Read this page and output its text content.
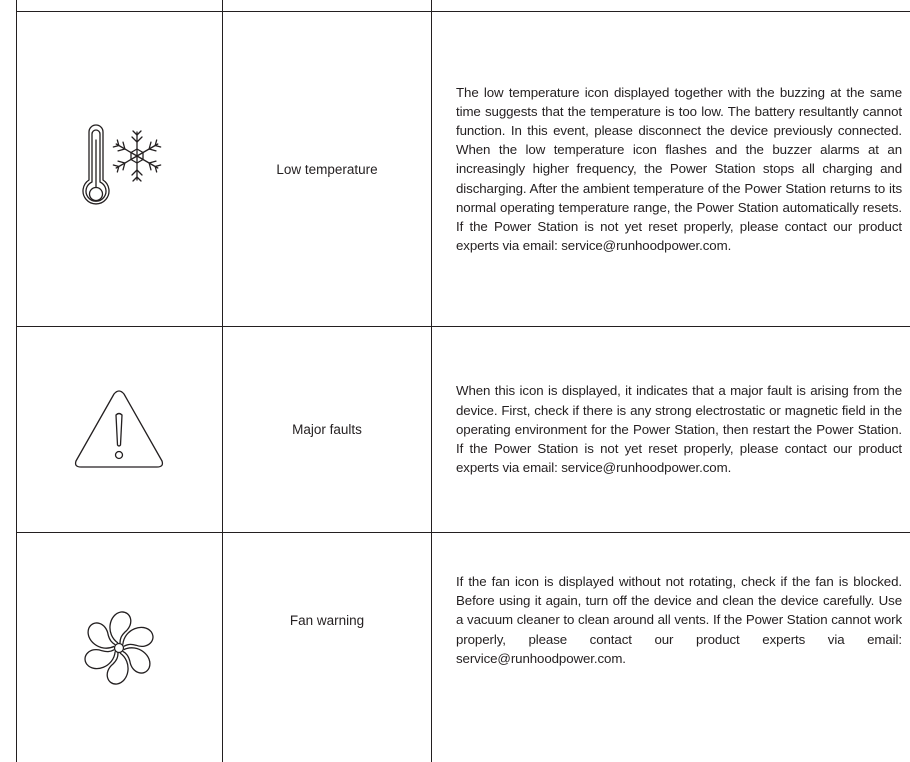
Low temperature

The low temperature icon displayed together with the buzzing at the same time suggests that the temperature is too low. The battery resultantly cannot function. In this event, please disconnect the device previously connected. When the low temperature icon flashes and the buzzer alarms at an increasingly higher frequency, the Power Station stops all charging and discharging. After the ambient temperature of the Power Station returns to its normal operating temperature range, the Power Station automatically resets. If the Power Station is not yet reset properly, please contact our product experts via email: service@runhoodpower.com.

Major faults

When this icon is displayed, it indicates that a major fault is arising from the device. First, check if there is any strong electrostatic or magnetic field in the operating environment for the Power Station, then restart the Power Station. If the Power Station is not yet reset properly, please contact our product experts via email: service@runhoodpower.com.

Fan warning

If the fan icon is displayed without not rotating, check if the fan is blocked. Before using it again, turn off the device and clean the device carefully. Use a vacuum cleaner to clean around all vents. If the Power Station cannot work properly, please contact our product experts via email: service@runhoodpower.com.
